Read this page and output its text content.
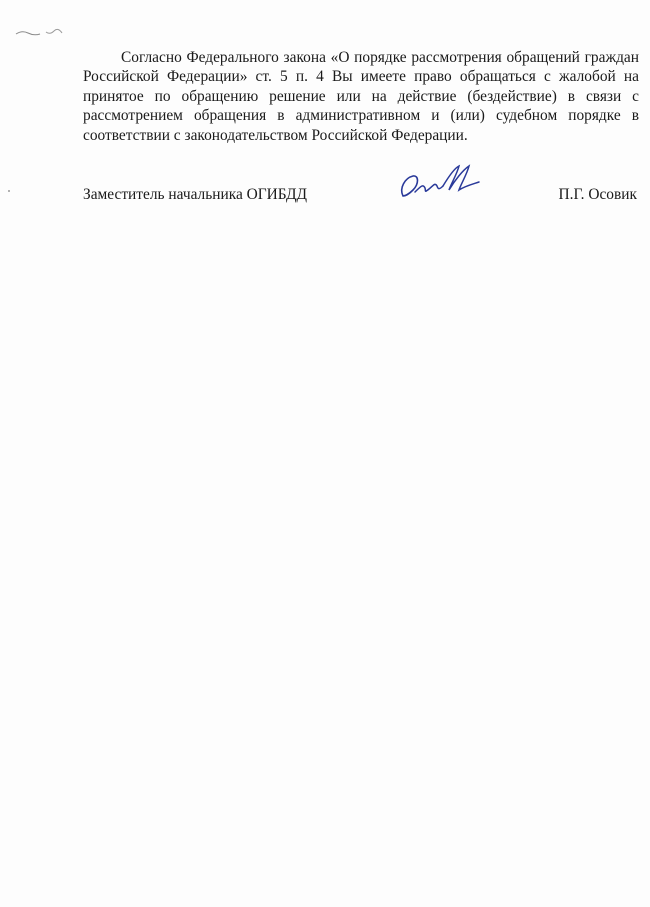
Согласно Федерального закона «О порядке рассмотрения обращений граждан Российской Федерации» ст. 5 п. 4 Вы имеете право обращаться с жалобой на принятое по обращению решение или на действие (бездействие) в связи с рассмотрением обращения в административном и (или) судебном порядке в соответствии с законодательством Российской Федерации.

Заместитель начальника ОГИБДД	П.Г. Осовик
